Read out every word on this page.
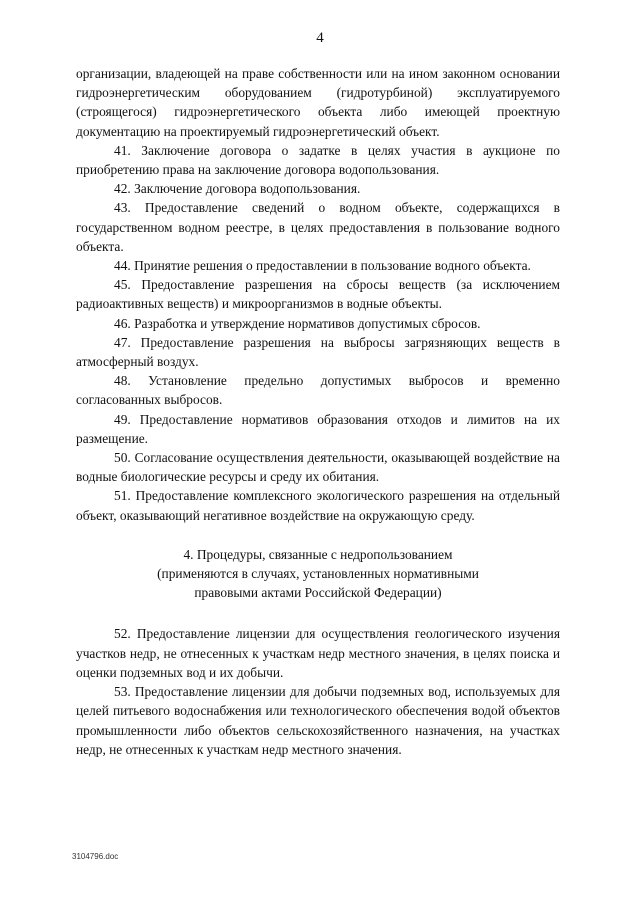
4

организации, владеющей на праве собственности или на ином законном основании гидроэнергетическим оборудованием (гидротурбиной) эксплуатируемого (строящегося) гидроэнергетического объекта либо имеющей проектную документацию на проектируемый гидроэнергетический объект.

41. Заключение договора о задатке в целях участия в аукционе по приобретению права на заключение договора водопользования.

42. Заключение договора водопользования.

43. Предоставление сведений о водном объекте, содержащихся в государственном водном реестре, в целях предоставления в пользование водного объекта.

44. Принятие решения о предоставлении в пользование водного объекта.

45. Предоставление разрешения на сбросы веществ (за исключением радиоактивных веществ) и микроорганизмов в водные объекты.

46. Разработка и утверждение нормативов допустимых сбросов.

47. Предоставление разрешения на выбросы загрязняющих веществ в атмосферный воздух.

48. Установление предельно допустимых выбросов и временно согласованных выбросов.

49. Предоставление нормативов образования отходов и лимитов на их размещение.

50. Согласование осуществления деятельности, оказывающей воздействие на водные биологические ресурсы и среду их обитания.

51. Предоставление комплексного экологического разрешения на отдельный объект, оказывающий негативное воздействие на окружающую среду.

4. Процедуры, связанные с недропользованием
(применяются в случаях, установленных нормативными
правовыми актами Российской Федерации)

52. Предоставление лицензии для осуществления геологического изучения участков недр, не отнесенных к участкам недр местного значения, в целях поиска и оценки подземных вод и их добычи.

53. Предоставление лицензии для добычи подземных вод, используемых для целей питьевого водоснабжения или технологического обеспечения водой объектов промышленности либо объектов сельскохозяйственного назначения, на участках недр, не отнесенных к участкам недр местного значения.

3104796.doc
